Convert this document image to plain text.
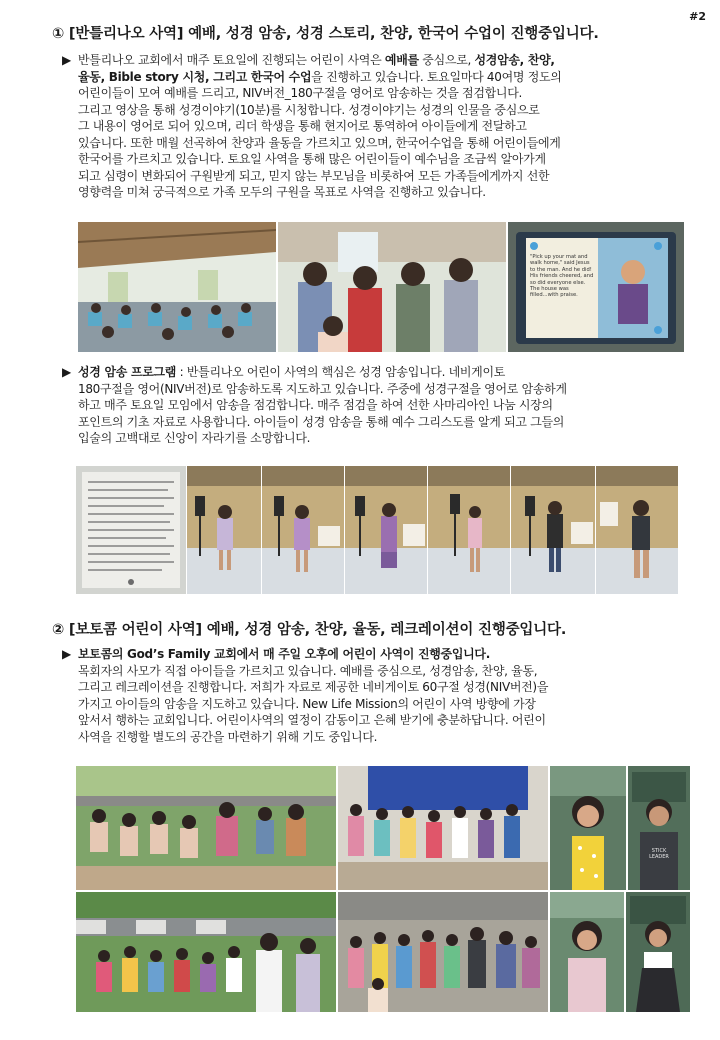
#2
① [반틀리나오 사역] 예배, 성경 암송, 성경 스토리, 찬양, 한국어 수업이 진행중입니다.
▶ 반틀리나오 교회에서 매주 토요일에 진행되는 어린이 사역은 예배를 중심으로, 성경암송, 찬양,

율동, Bible story 시청, 그리고 한국어 수업을 진행하고 있습니다. 토요일마다 40여명 정도의

어린이들이 모여 예배를 드리고, NIV버전_180구절을 영어로 암송하는 것을 점검합니다.

그리고 영상을 통해 성경이야기(10분)를 시청합니다. 성경이야기는 성경의 인물을 중심으로

그 내용이 영어로 되어 있으며, 리더 학생을 통해 현지어로 통역하여 아이들에게 전달하고

있습니다. 또한 매월 선곡하여 찬양과 율동을 가르치고 있으며, 한국어수업을 통해 어린이들에게

한국어를 가르치고 있습니다. 토요일 사역을 통해 많은 어린이들이 예수님을 조금씩 알아가게

되고 심령이 변화되어 구원받게 되고, 믿지 않는 부모님을 비롯하여 모든 가족들에게까지 선한

영향력을 미쳐 궁극적으로 가족 모두의 구원을 목표로 사역을 진행하고 있습니다.

"Pick up your mat and walk home," said Jesus to the man. And he did! His friends cheered, and so did everyone else. The house was filled...with praise.
▶ 성경 암송 프로그램 : 반틀리나오 어린이 사역의 핵심은 성경 암송입니다. 네비게이토

180구절을 영어(NIV버전)로 암송하도록 지도하고 있습니다. 주중에 성경구절을 영어로 암송하게

하고 매주 토요일 모임에서 암송을 점검합니다. 매주 점검을 하여 선한 사마리아인 나눔 시장의

포인트의 기초 자료로 사용합니다. 아이들이 성경 암송을 통해 예수 그리스도를 알게 되고 그들의

입술의 고백대로 신앙이 자라기를 소망합니다.

② [보토콤 어린이 사역] 예배, 성경 암송, 찬양, 율동, 레크레이션이 진행중입니다.
▶ 보토콤의 God’s Family 교회에서 매 주일 오후에 어린이 사역이 진행중입니다.

목회자의 사모가 직접 아이들을 가르치고 있습니다. 예배를 중심으로, 성경암송, 찬양, 율동,

그리고 레크레이션을 진행합니다. 저희가 자료로 제공한 네비게이토 60구절 성경(NIV버전)을

가지고 아이들의 암송을 지도하고 있습니다. New Life Mission의 어린이 사역 방향에 가장

앞서서 행하는 교회입니다. 어린이사역의 열정이 감동이고 은혜 받기에 충분하답니다. 어린이

사역을 진행할 별도의 공간을 마련하기 위해 기도 중입니다.

STICK LEADER
